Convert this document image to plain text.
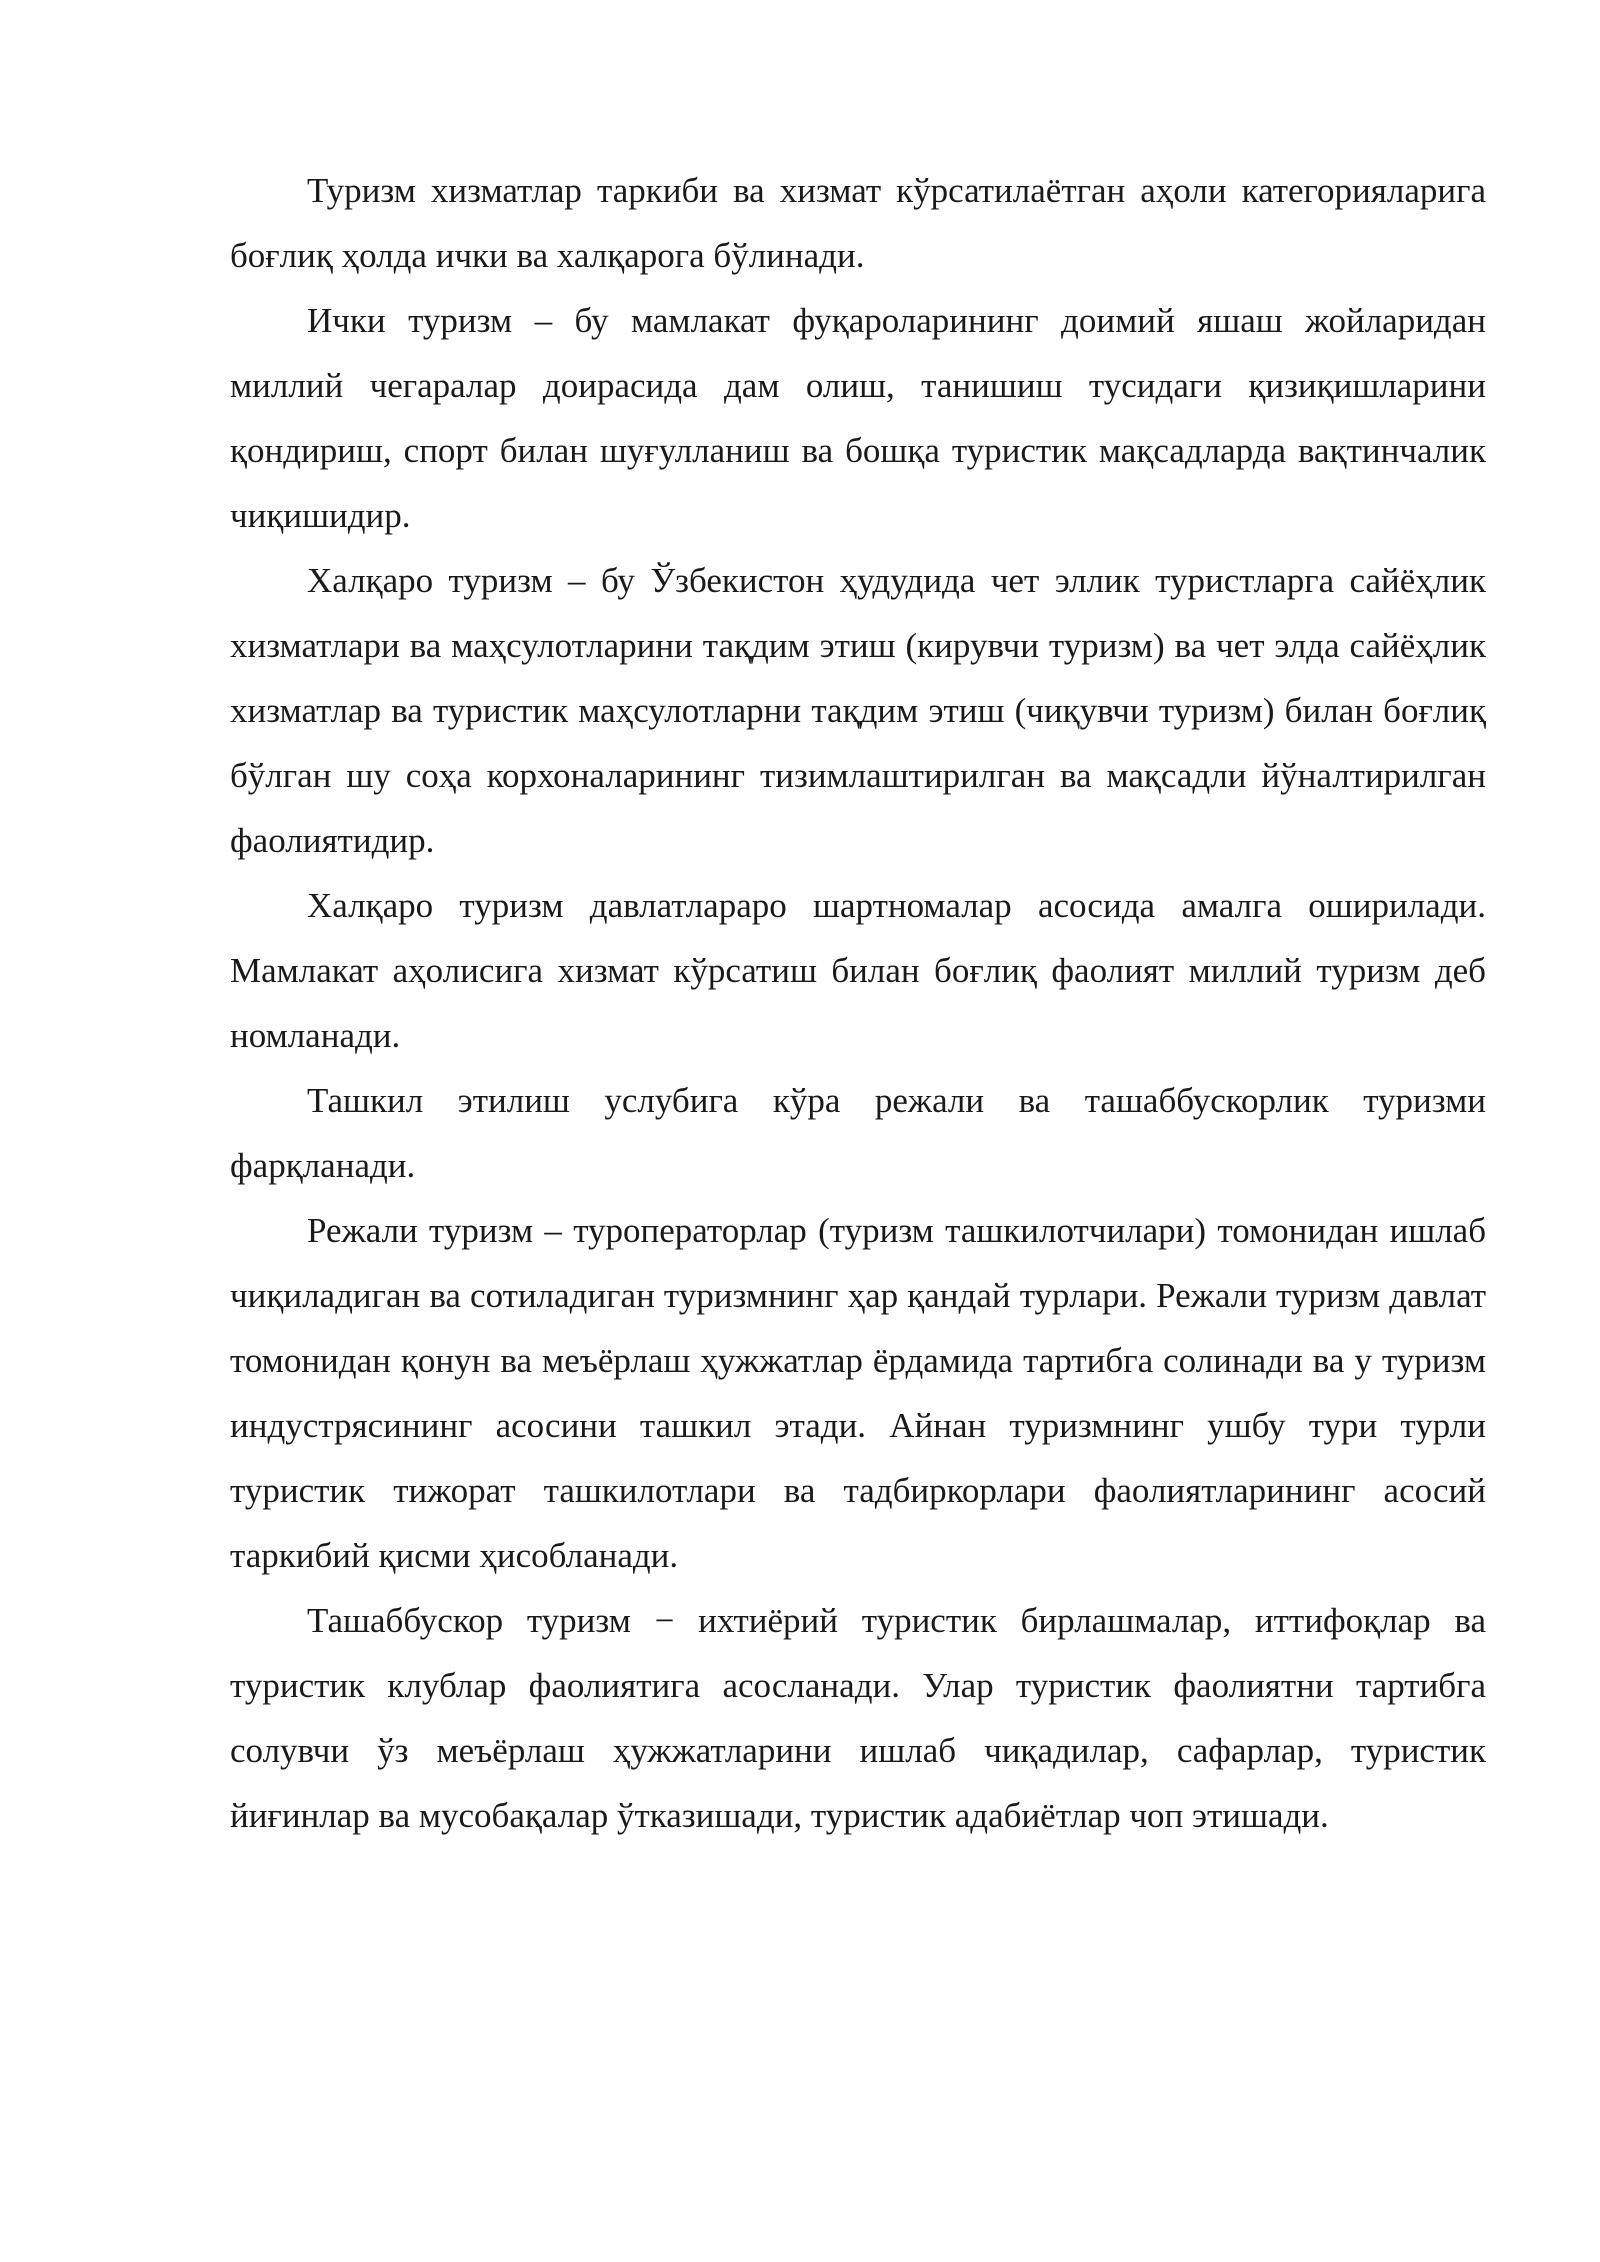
Туризм хизматлар таркиби ва хизмат кўрсатилаётган аҳоли категорияларига боғлиқ ҳолда ички ва халқарога бўлинади.

Ички туризм – бу мамлакат фуқароларининг доимий яшаш жойларидан миллий чегаралар доирасида дам олиш, танишиш тусидаги қизиқишларини қондириш, спорт билан шуғулланиш ва бошқа туристик мақсадларда вақтинчалик чиқишидир.

Халқаро туризм – бу Ўзбекистон ҳудудида чет эллик туристларга сайёҳлик хизматлари ва маҳсулотларини тақдим этиш (кирувчи туризм) ва чет элда сайёҳлик хизматлар ва туристик маҳсулотларни тақдим этиш (чиқувчи туризм) билан боғлиқ бўлган шу соҳа корхоналарининг тизимлаштирилган ва мақсадли йўналтирилган фаолиятидир.

Халқаро туризм давлатлараро шартномалар асосида амалга оширилади. Мамлакат аҳолисига хизмат кўрсатиш билан боғлиқ фаолият миллий туризм деб номланади.

Ташкил этилиш услубига кўра режали ва ташаббускорлик туризми фарқланади.

Режали туризм – туроператорлар (туризм ташкилотчилари) томонидан ишлаб чиқиладиган ва сотиладиган туризмнинг ҳар қандай турлари. Режали туризм давлат томонидан қонун ва меъёрлаш ҳужжатлар ёрдамида тартибга солинади ва у туризм индустрясининг асосини ташкил этади. Айнан туризмнинг ушбу тури турли туристик тижорат ташкилотлари ва тадбиркорлари фаолиятларининг асосий таркибий қисми ҳисобланади.

Ташаббускор туризм − ихтиёрий туристик бирлашмалар, иттифоқлар ва туристик клублар фаолиятига асосланади. Улар туристик фаолиятни тартибга солувчи ўз меъёрлаш ҳужжатларини ишлаб чиқадилар, сафарлар, туристик йиғинлар ва мусобақалар ўтказишади, туристик адабиётлар чоп этишади.
